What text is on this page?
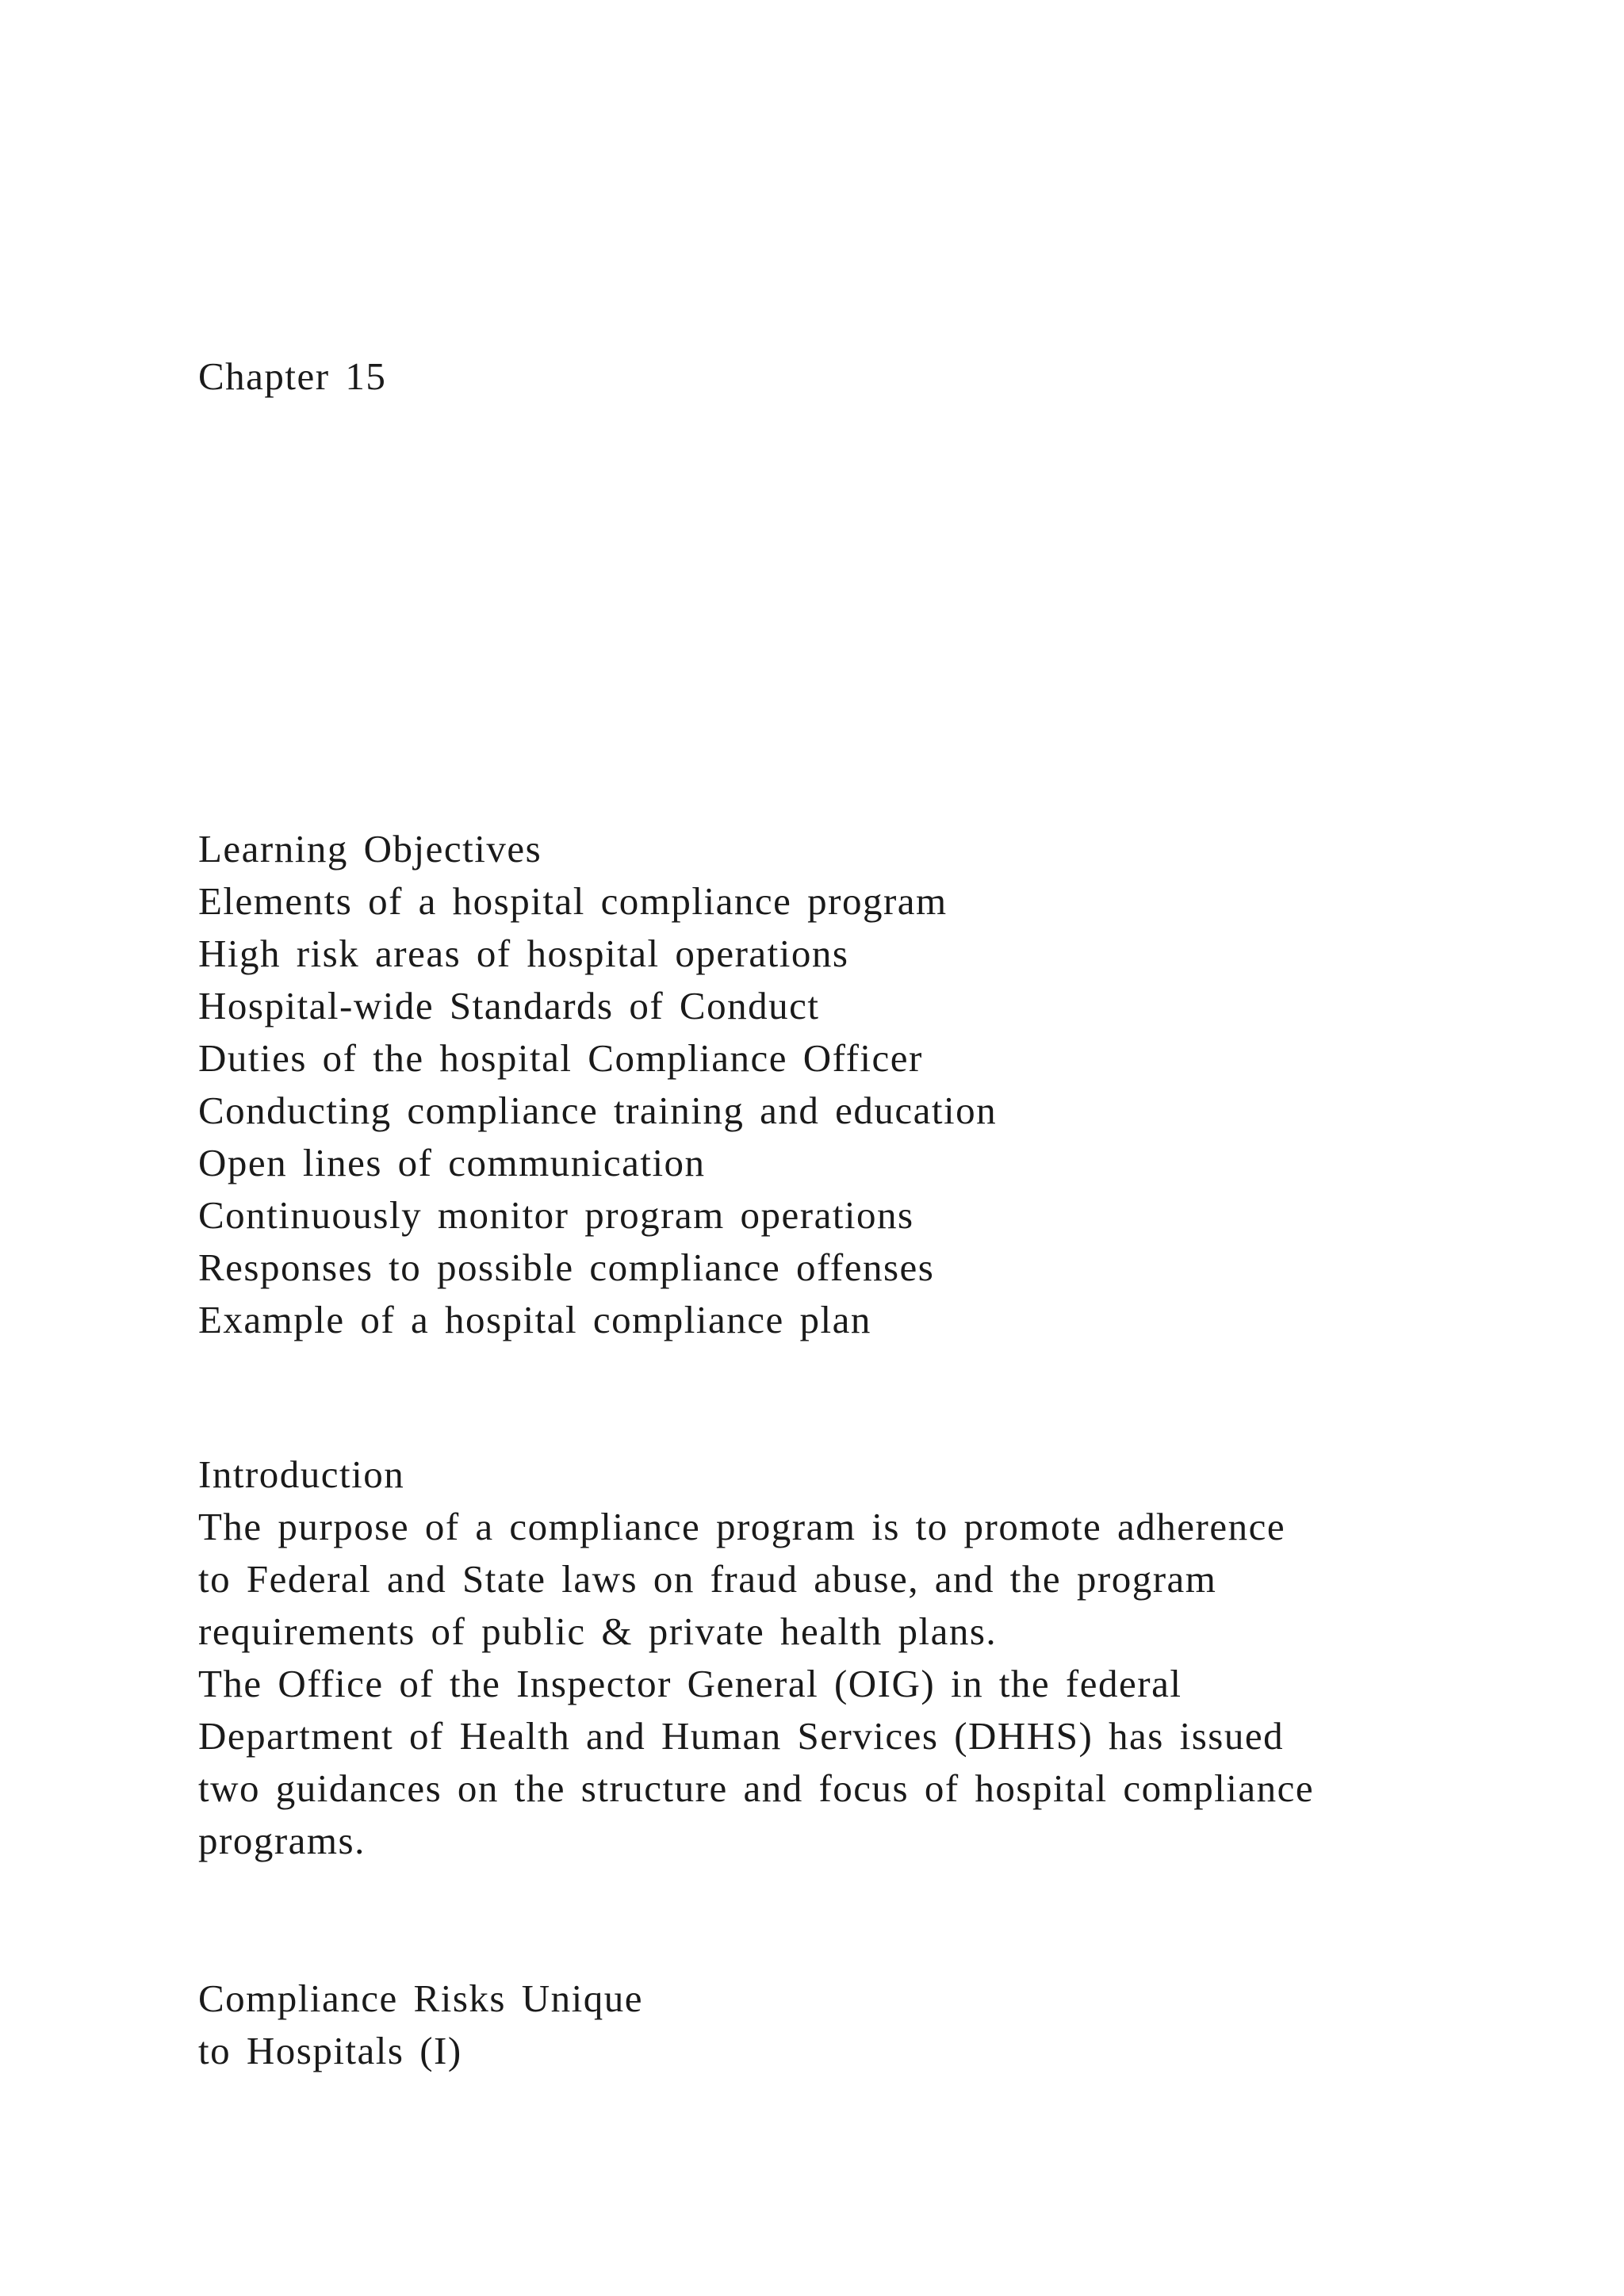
Chapter 15
Learning Objectives
Elements of a hospital compliance program
High risk areas of hospital operations
Hospital-wide Standards of Conduct
Duties of the hospital Compliance Officer
Conducting compliance training and education
Open lines of communication
Continuously monitor program operations
Responses to possible compliance offenses
Example of a hospital compliance plan
Introduction
The purpose of a compliance program is to promote adherence
to Federal and State laws on fraud abuse, and the program
requirements of public & private health plans.
The Office of the Inspector General (OIG) in the federal
Department of Health and Human Services (DHHS) has issued
two guidances on the structure and focus of hospital compliance
programs.
Compliance Risks Unique
to Hospitals (I)
